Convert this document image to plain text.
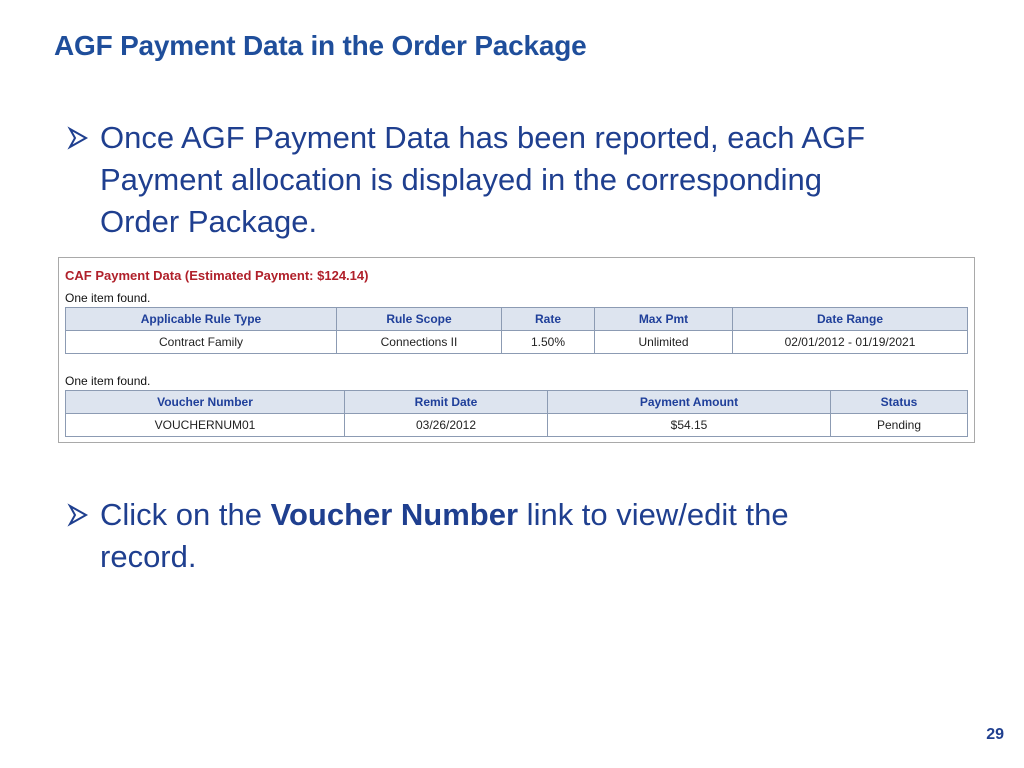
AGF Payment Data in the Order Package
Once AGF Payment Data has been reported, each AGF Payment allocation is displayed in the corresponding Order Package.
CAF Payment Data (Estimated Payment: $124.14)
One item found.
Applicable Rule Type	Rule Scope	Rate	Max Pmt	Date Range
Contract Family	Connections II	1.50%	Unlimited	02/01/2012 - 01/19/2021
One item found.
Voucher Number	Remit Date	Payment Amount	Status
VOUCHERNUM01	03/26/2012	$54.15	Pending
Click on the Voucher Number link to view/edit the record.
29
